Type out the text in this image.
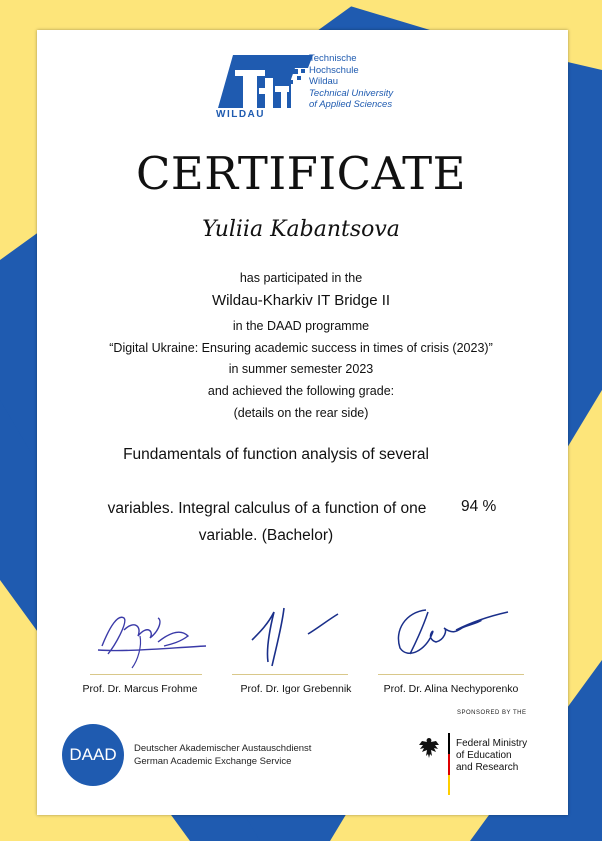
Technische
Hochschule
Wildau
Technical University
of Applied Sciences
WILDAU
CERTIFICATE
Yuliia Kabantsova
has participated in the
Wildau-Kharkiv IT Bridge II
in the DAAD programme
“Digital Ukraine: Ensuring academic success in times of crisis (2023)”
in summer semester 2023
and achieved the following grade:
(details on the rear side)
Fundamentals of function analysis of several
variables. Integral calculus of a function of one
variable. (Bachelor)
94 %
Prof. Dr. Marcus Frohme	Prof. Dr. Igor Grebennik	Prof. Dr. Alina Nechyporenko
DAAD	Deutscher Akademischer Austauschdienst
German Academic Exchange Service
SPONSORED BY THE
Federal Ministry
of Education
and Research
